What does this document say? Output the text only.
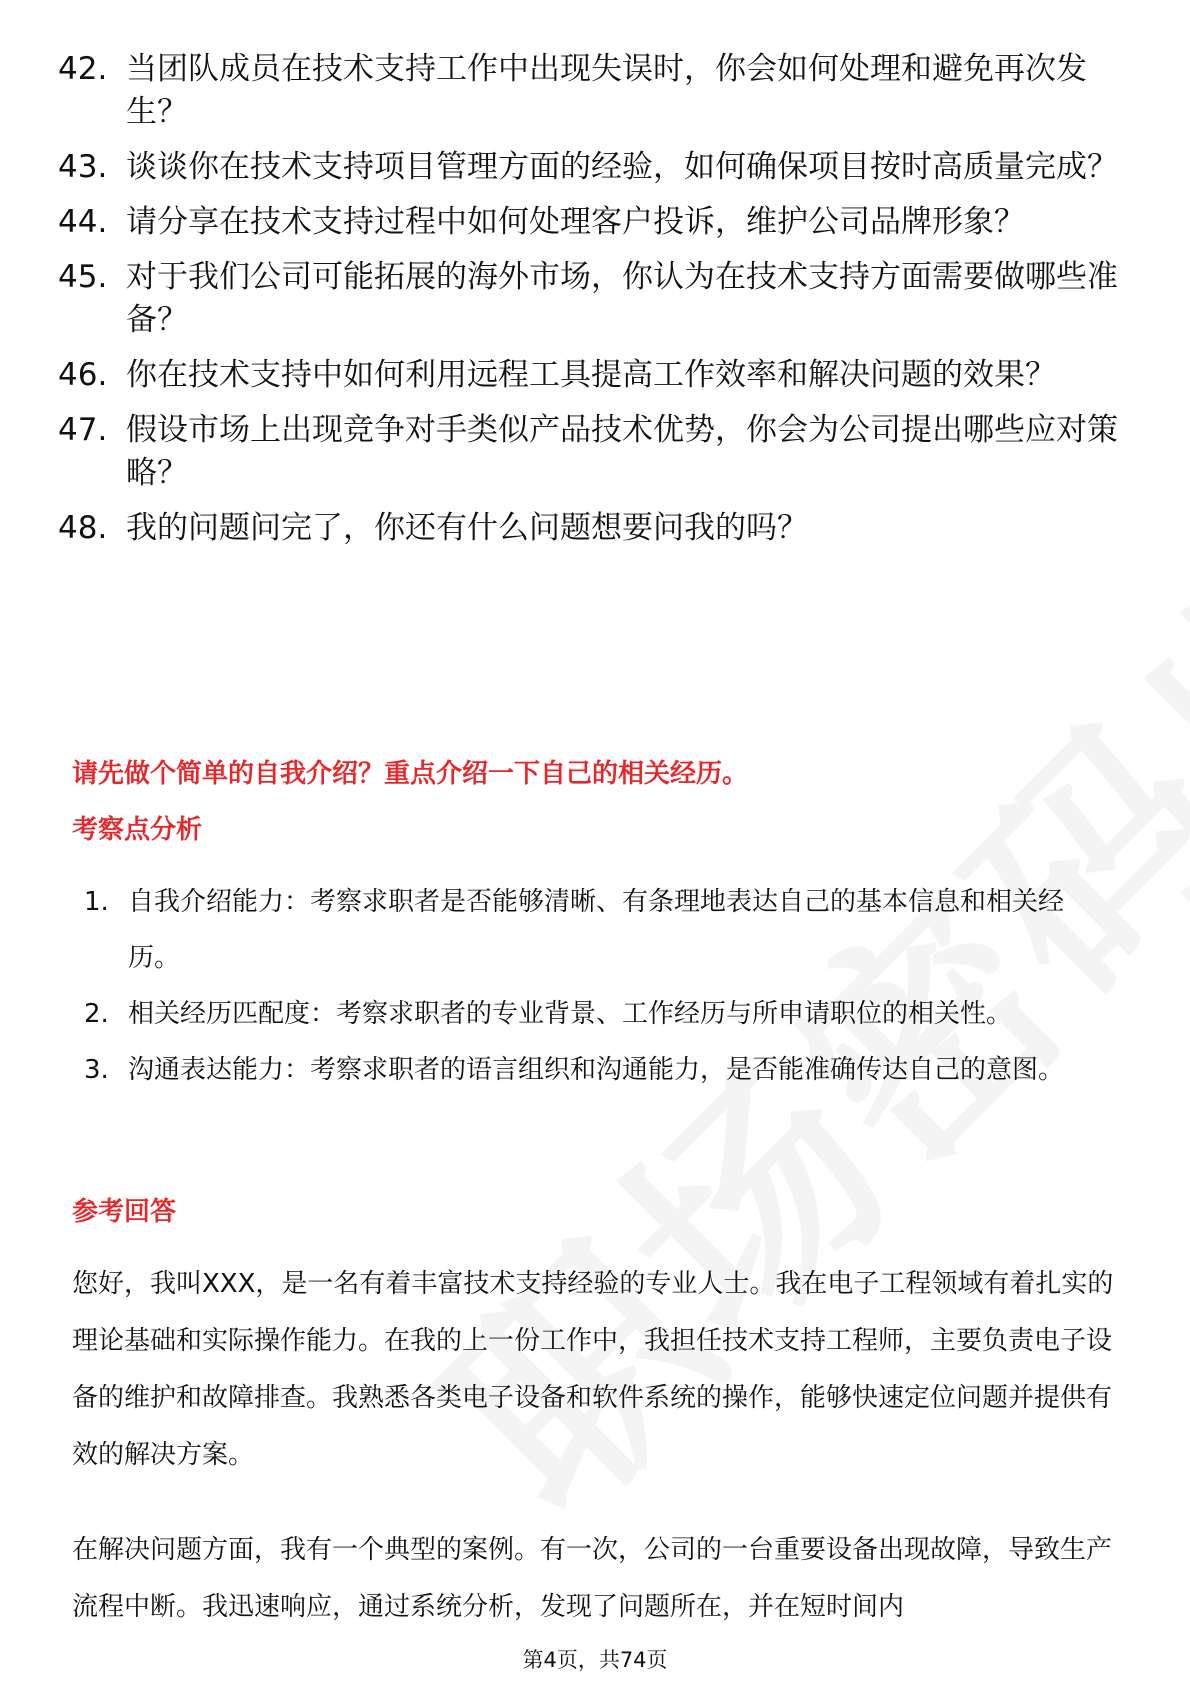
42. 当团队成员在技术支持工作中出现失误时，你会如何处理和避免再次发生？
43. 谈谈你在技术支持项目管理方面的经验，如何确保项目按时高质量完成？
44. 请分享在技术支持过程中如何处理客户投诉，维护公司品牌形象？
45. 对于我们公司可能拓展的海外市场，你认为在技术支持方面需要做哪些准备？
46. 你在技术支持中如何利用远程工具提高工作效率和解决问题的效果？
47. 假设市场上出现竞争对手类似产品技术优势，你会为公司提出哪些应对策略？
48. 我的问题问完了，你还有什么问题想要问我的吗？
请先做个简单的自我介绍？重点介绍一下自己的相关经历。
考察点分析
1. 自我介绍能力：考察求职者是否能够清晰、有条理地表达自己的基本信息和相关经历。
2. 相关经历匹配度：考察求职者的专业背景、工作经历与所申请职位的相关性。
3. 沟通表达能力：考察求职者的语言组织和沟通能力，是否能准确传达自己的意图。
参考回答
您好，我叫XXX，是一名有着丰富技术支持经验的专业人士。我在电子工程领域有着扎实的理论基础和实际操作能力。在我的上一份工作中，我担任技术支持工程师，主要负责电子设备的维护和故障排查。我熟悉各类电子设备和软件系统的操作，能够快速定位问题并提供有效的解决方案。
在解决问题方面，我有一个典型的案例。有一次，公司的一台重要设备出现故障，导致生产流程中断。我迅速响应，通过系统分析，发现了问题所在，并在短时间内
第4页，共74页
